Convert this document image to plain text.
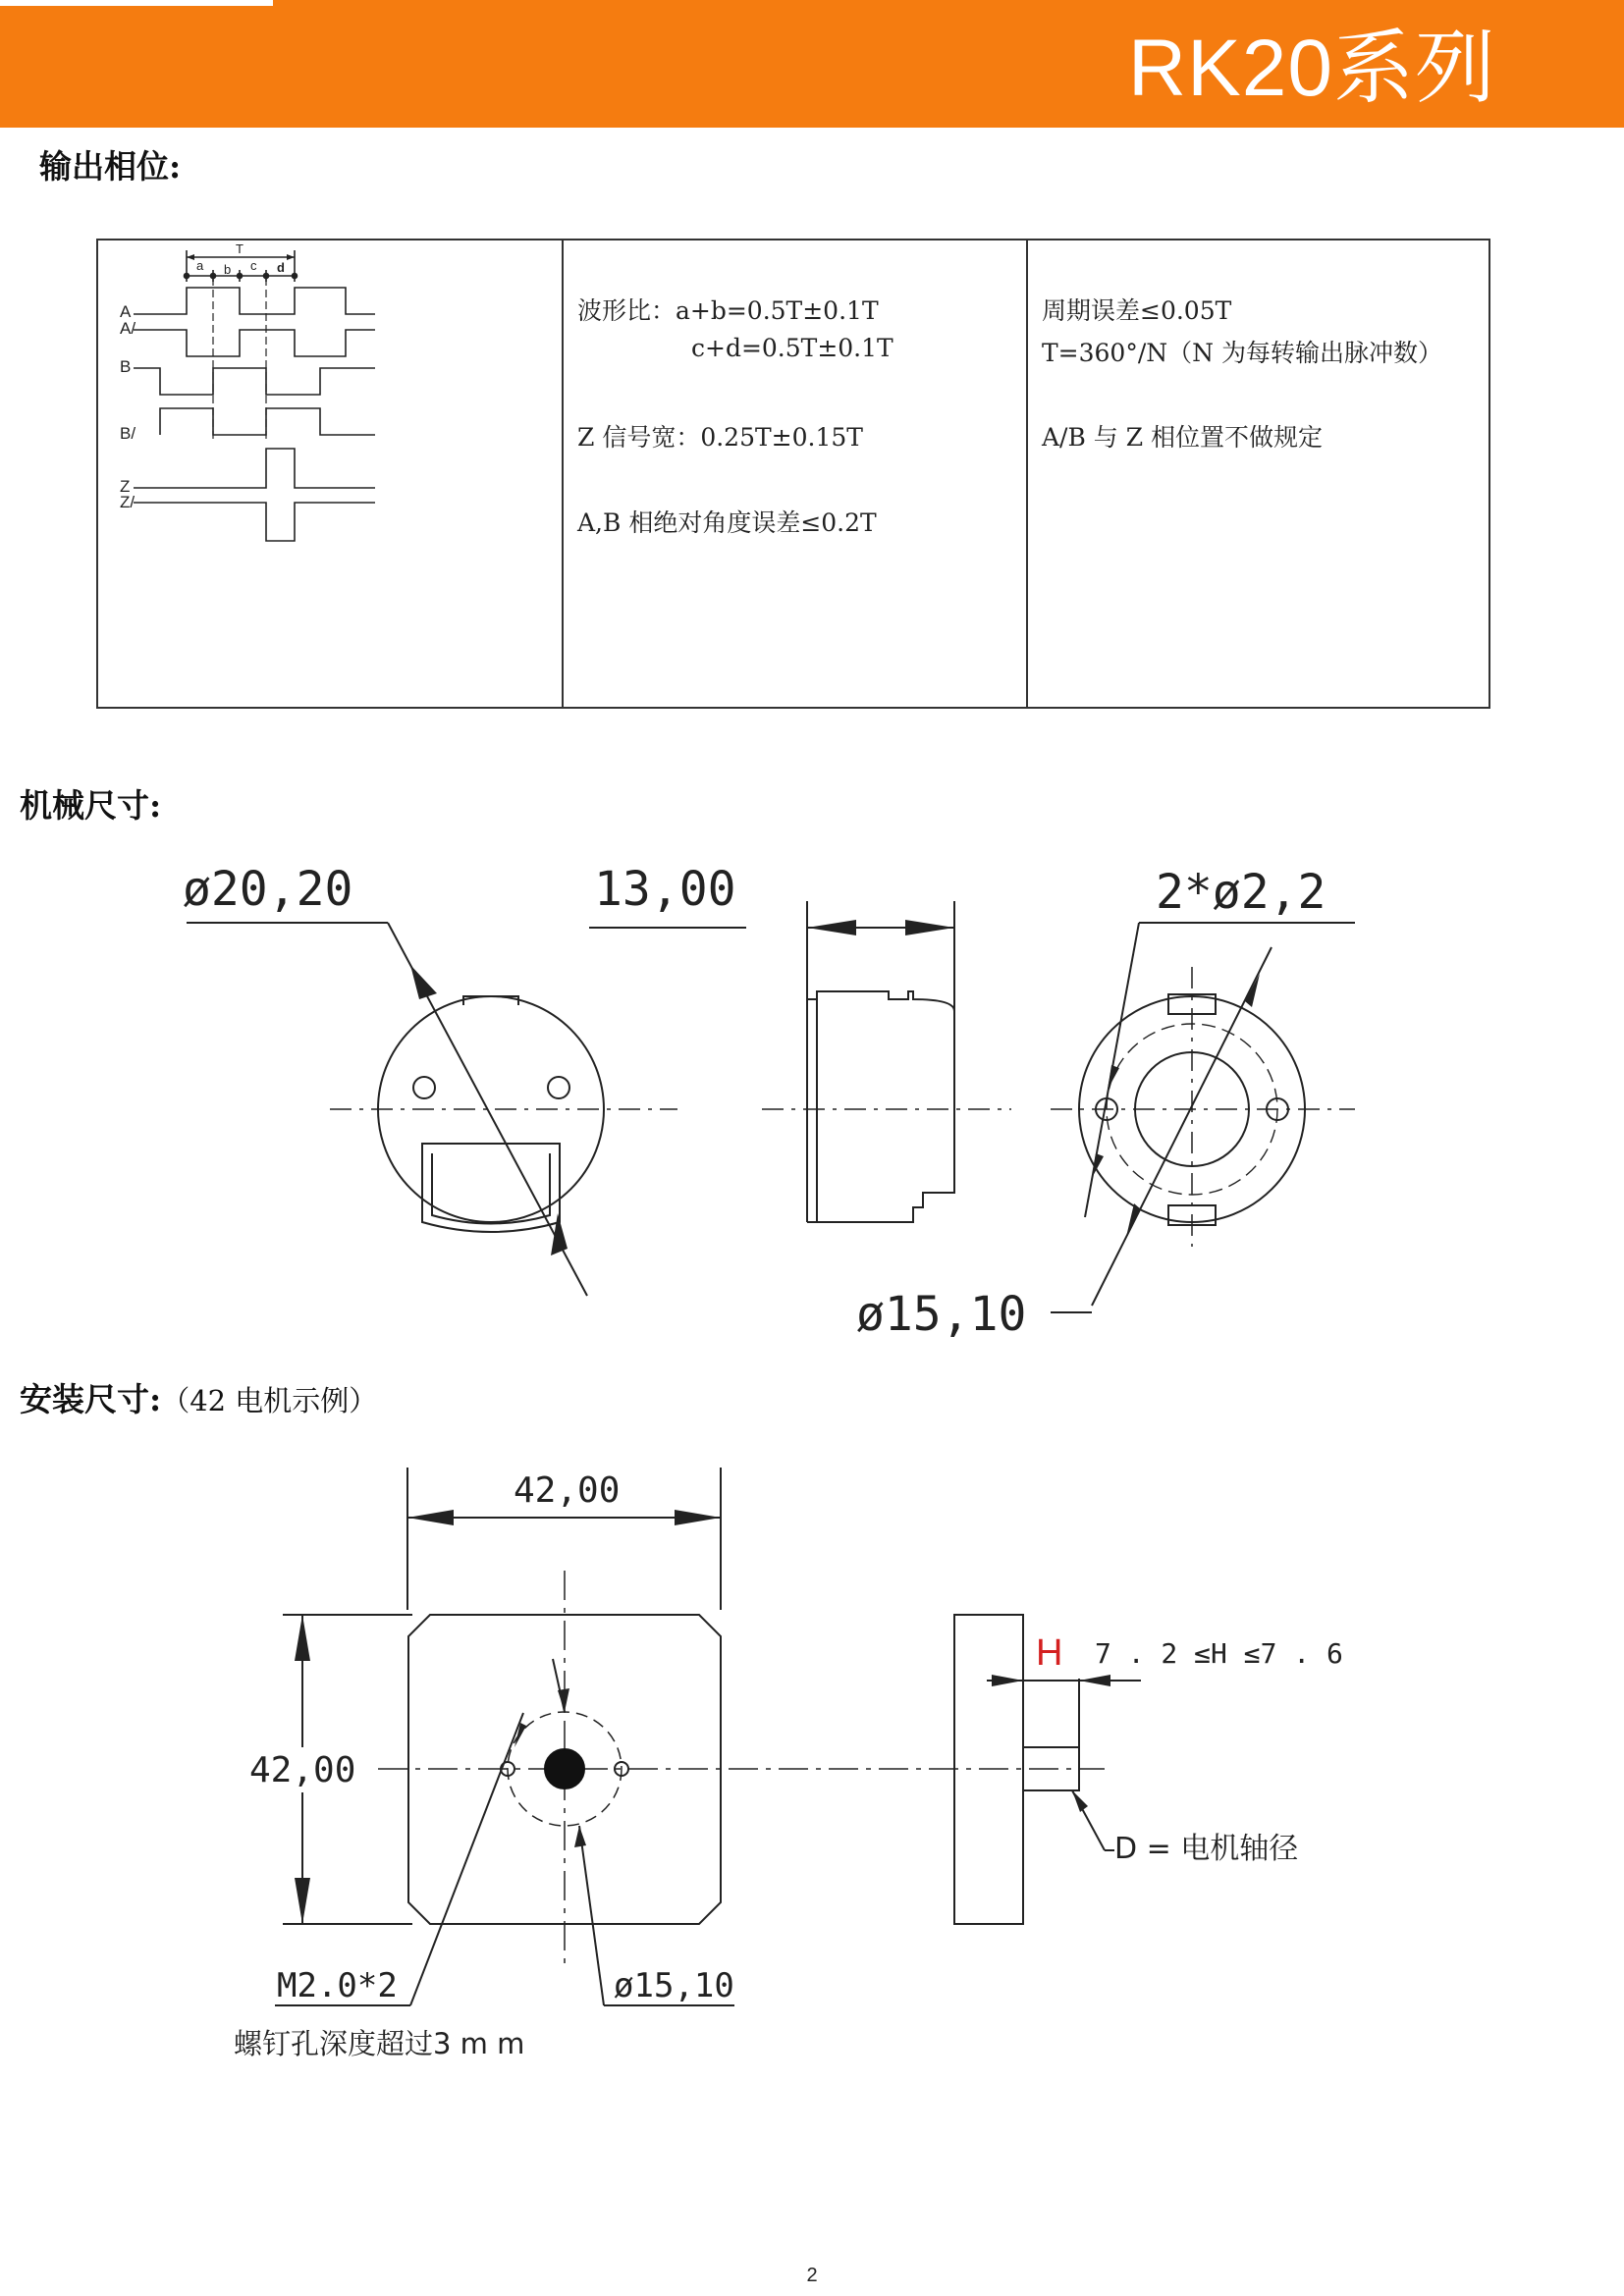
RK20系列
输出相位:
T
a b c d
A
A/
B
B/
Z
Z/
波形比：a+b=0.5T±0.1T
c+d=0.5T±0.1T
Z 信号宽：0.25T±0.15T
A,B 相绝对角度误差≤0.2T
周期误差≤0.05T
T=360°/N（N 为每转输出脉冲数）
A/B 与 Z 相位置不做规定
机械尺寸:
ø20,20	13,00	2*ø2,2
ø15,10
42,00
42,00
M2.0*2	ø15,10
H 7 . 2 ≤H ≤7 . 6
D = 电机轴径
螺钉孔深度超过3 m m
安装尺寸:（42 电机示例）
2
